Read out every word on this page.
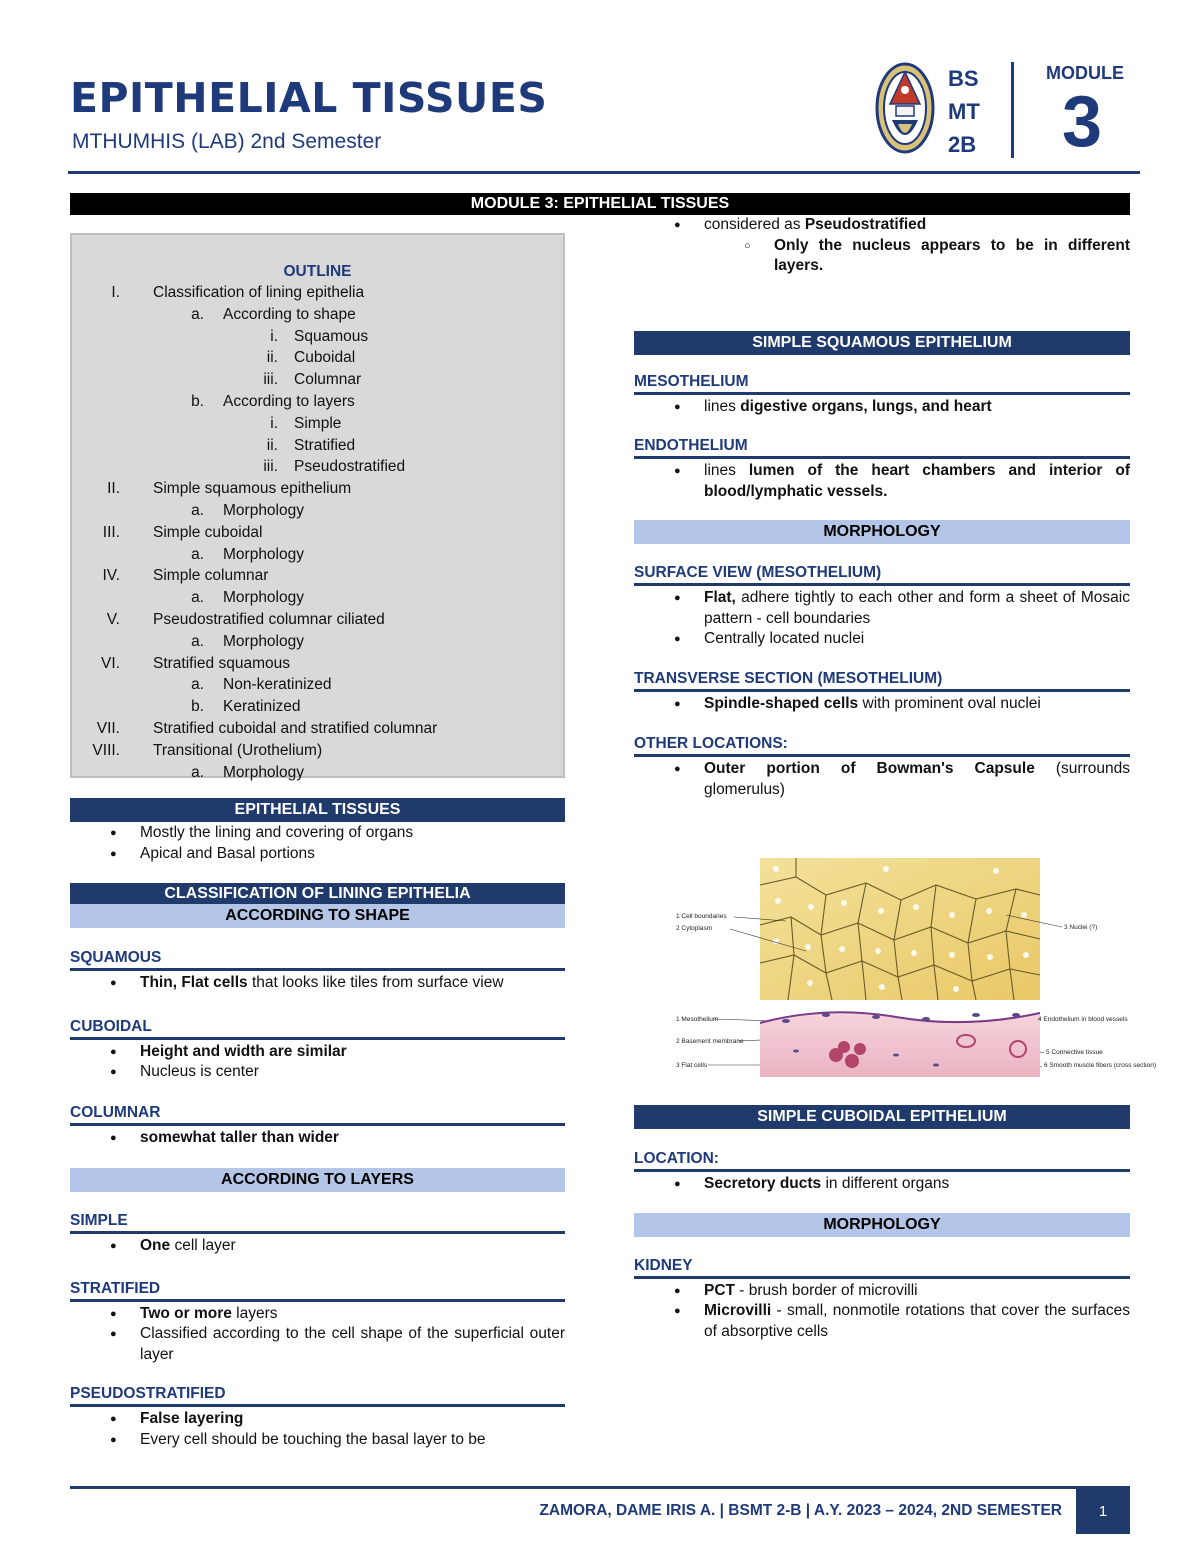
EPITHELIAL TISSUES
MTHUMHIS (LAB) 2nd Semester
BS
MT
2B
MODULE
3
MODULE 3: EPITHELIAL TISSUES
OUTLINE
I. Classification of lining epithelia
a. According to shape
i. Squamous
ii. Cuboidal
iii. Columnar
b. According to layers
i. Simple
ii. Stratified
iii. Pseudostratified
II. Simple squamous epithelium
a. Morphology
III. Simple cuboidal
a. Morphology
IV. Simple columnar
a. Morphology
V. Pseudostratified columnar ciliated
a. Morphology
VI. Stratified squamous
a. Non-keratinized
b. Keratinized
VII. Stratified cuboidal and stratified columnar
VIII. Transitional (Urothelium)
a. Morphology
EPITHELIAL TISSUES
● Mostly the lining and covering of organs
● Apical and Basal portions
CLASSIFICATION OF LINING EPITHELIA
ACCORDING TO SHAPE
SQUAMOUS
● Thin, Flat cells that looks like tiles from surface view
CUBOIDAL
● Height and width are similar
● Nucleus is center
COLUMNAR
● somewhat taller than wider
ACCORDING TO LAYERS
SIMPLE
● One cell layer
STRATIFIED
● Two or more layers
● Classified according to the cell shape of the superficial outer layer
PSEUDOSTRATIFIED
● False layering
● Every cell should be touching the basal layer to be
● considered as Pseudostratified
○ Only the nucleus appears to be in different layers.
SIMPLE SQUAMOUS EPITHELIUM
MESOTHELIUM
● lines digestive organs, lungs, and heart
ENDOTHELIUM
● lines lumen of the heart chambers and interior of blood/lymphatic vessels.
MORPHOLOGY
SURFACE VIEW (MESOTHELIUM)
● Flat, adhere tightly to each other and form a sheet of Mosaic pattern - cell boundaries
● Centrally located nuclei
TRANSVERSE SECTION (MESOTHELIUM)
● Spindle-shaped cells with prominent oval nuclei
OTHER LOCATIONS:
● Outer portion of Bowman's Capsule (surrounds glomerulus)
1 Cell boundaries
2 Cytoplasm	3 Nuclei (?)
1 Mesothelium
2 Basement membrane
3 Flat cells
4 Endothelium in blood vessels
5 Connective tissue
6 Smooth muscle fibers (cross section)
SIMPLE CUBOIDAL EPITHELIUM
LOCATION:
● Secretory ducts in different organs
MORPHOLOGY
KIDNEY
● PCT - brush border of microvilli
● Microvilli - small, nonmotile rotations that cover the surfaces of absorptive cells
ZAMORA, DAME IRIS A. | BSMT 2-B | A.Y. 2023 – 2024, 2ND SEMESTER	1
